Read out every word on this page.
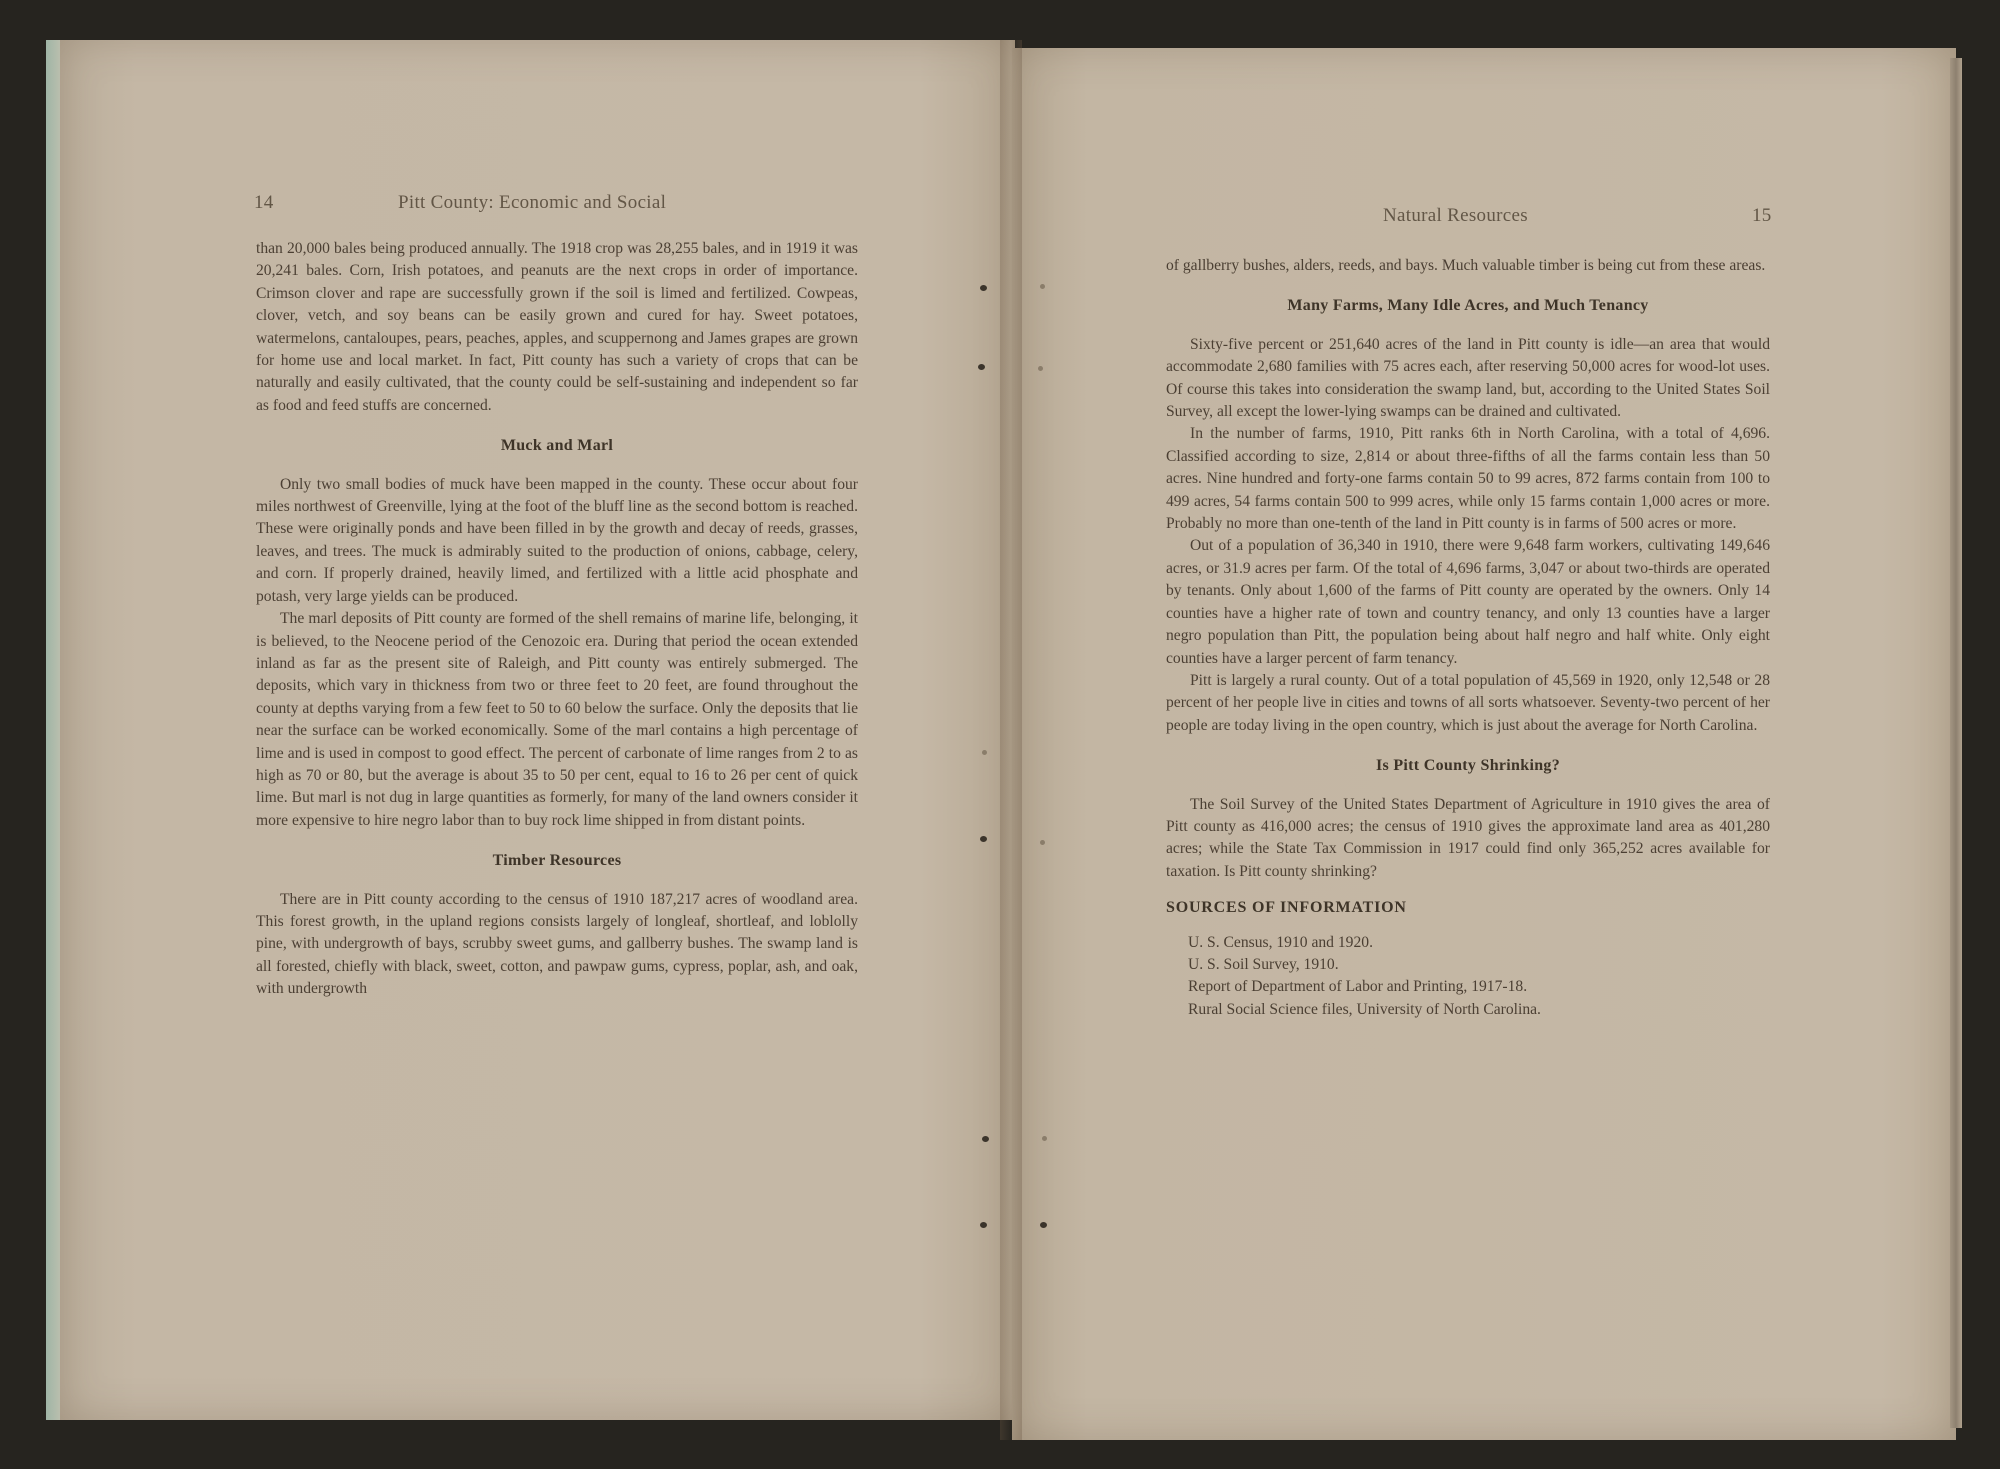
14	Pitt County: Economic and Social

than 20,000 bales being produced annually. The 1918 crop was 28,255 bales, and in 1919 it was 20,241 bales. Corn, Irish potatoes, and peanuts are the next crops in order of importance. Crimson clover and rape are successfully grown if the soil is limed and fertilized. Cowpeas, clover, vetch, and soy beans can be easily grown and cured for hay. Sweet potatoes, watermelons, cantaloupes, pears, peaches, apples, and scuppernong and James grapes are grown for home use and local market. In fact, Pitt county has such a variety of crops that can be naturally and easily cultivated, that the county could be self-sustaining and independent so far as food and feed stuffs are concerned.

Muck and Marl

Only two small bodies of muck have been mapped in the county. These occur about four miles northwest of Greenville, lying at the foot of the bluff line as the second bottom is reached. These were originally ponds and have been filled in by the growth and decay of reeds, grasses, leaves, and trees. The muck is admirably suited to the production of onions, cabbage, celery, and corn. If properly drained, heavily limed, and fertilized with a little acid phosphate and potash, very large yields can be produced.

The marl deposits of Pitt county are formed of the shell remains of marine life, belonging, it is believed, to the Neocene period of the Cenozoic era. During that period the ocean extended inland as far as the present site of Raleigh, and Pitt county was entirely submerged. The deposits, which vary in thickness from two or three feet to 20 feet, are found throughout the county at depths varying from a few feet to 50 to 60 below the surface. Only the deposits that lie near the surface can be worked economically. Some of the marl contains a high percentage of lime and is used in compost to good effect. The percent of carbonate of lime ranges from 2 to as high as 70 or 80, but the average is about 35 to 50 per cent, equal to 16 to 26 per cent of quick lime. But marl is not dug in large quantities as formerly, for many of the land owners consider it more expensive to hire negro labor than to buy rock lime shipped in from distant points.

Timber Resources

There are in Pitt county according to the census of 1910 187,217 acres of woodland area. This forest growth, in the upland regions consists largely of longleaf, shortleaf, and loblolly pine, with undergrowth of bays, scrubby sweet gums, and gallberry bushes. The swamp land is all forested, chiefly with black, sweet, cotton, and pawpaw gums, cypress, poplar, ash, and oak, with undergrowth

Natural Resources	15

of gallberry bushes, alders, reeds, and bays. Much valuable timber is being cut from these areas.

Many Farms, Many Idle Acres, and Much Tenancy

Sixty-five percent or 251,640 acres of the land in Pitt county is idle—an area that would accommodate 2,680 families with 75 acres each, after reserving 50,000 acres for wood-lot uses. Of course this takes into consideration the swamp land, but, according to the United States Soil Survey, all except the lower-lying swamps can be drained and cultivated.

In the number of farms, 1910, Pitt ranks 6th in North Carolina, with a total of 4,696. Classified according to size, 2,814 or about three-fifths of all the farms contain less than 50 acres. Nine hundred and forty-one farms contain 50 to 99 acres, 872 farms contain from 100 to 499 acres, 54 farms contain 500 to 999 acres, while only 15 farms contain 1,000 acres or more. Probably no more than one-tenth of the land in Pitt county is in farms of 500 acres or more.

Out of a population of 36,340 in 1910, there were 9,648 farm workers, cultivating 149,646 acres, or 31.9 acres per farm. Of the total of 4,696 farms, 3,047 or about two-thirds are operated by tenants. Only about 1,600 of the farms of Pitt county are operated by the owners. Only 14 counties have a higher rate of town and country tenancy, and only 13 counties have a larger negro population than Pitt, the population being about half negro and half white. Only eight counties have a larger percent of farm tenancy.

Pitt is largely a rural county. Out of a total population of 45,569 in 1920, only 12,548 or 28 percent of her people live in cities and towns of all sorts whatsoever. Seventy-two percent of her people are today living in the open country, which is just about the average for North Carolina.

Is Pitt County Shrinking?

The Soil Survey of the United States Department of Agriculture in 1910 gives the area of Pitt county as 416,000 acres; the census of 1910 gives the approximate land area as 401,280 acres; while the State Tax Commission in 1917 could find only 365,252 acres available for taxation. Is Pitt county shrinking?

SOURCES OF INFORMATION
U. S. Census, 1910 and 1920.
U. S. Soil Survey, 1910.
Report of Department of Labor and Printing, 1917-18.
Rural Social Science files, University of North Carolina.
